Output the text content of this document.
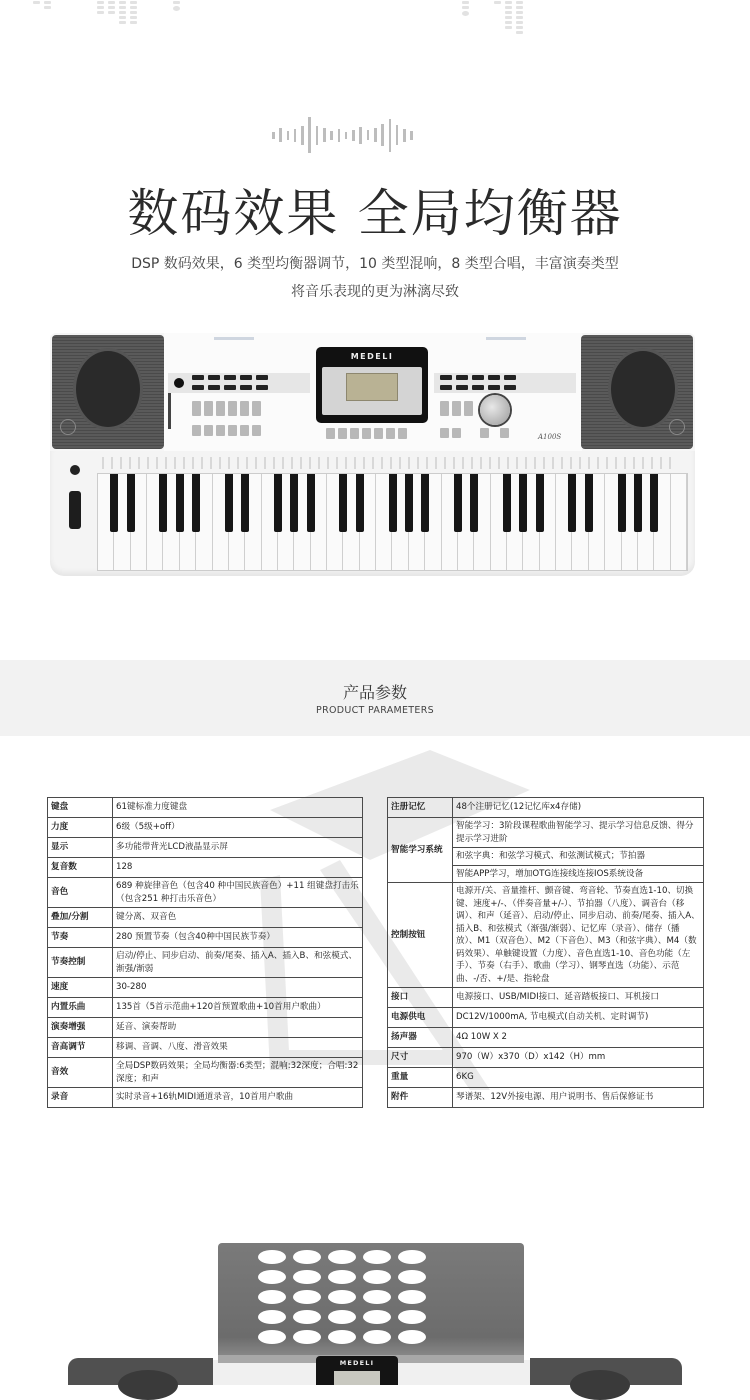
数码效果 全局均衡器

DSP 数码效果，6 类型均衡器调节，10 类型混响，8 类型合唱，丰富演奏类型

将音乐表现的更为淋漓尽致

MEDELI
A100S
产品参数
PRODUCT PARAMETERS
键盘	61键标准力度键盘
力度	6级（5级+off）
显示	多功能带背光LCD液晶显示屏
复音数	128
音色	689 种旋律音色（包含40 种中国民族音色）+11 组键盘打击乐（包含251 种打击乐音色）
叠加/分割	键分离、双音色
节奏	280 预置节奏（包含40种中国民族节奏）
节奏控制	启动/停止、同步启动、前奏/尾奏、插入A、插入B、和弦模式、渐强/渐弱
速度	30-280
内置乐曲	135首（5首示范曲+120首预置歌曲+10首用户歌曲）
演奏增强	延音、演奏帮助
音高调节	移调、音调、八度、滑音效果
音效	全局DSP数码效果；全局均衡器:6类型；混响:32深度；合唱:32深度；和声
录音	实时录音+16轨MIDI通道录音，10首用户歌曲
注册记忆	48个注册记忆(12记忆库x4存储)
智能学习系统	智能学习：3阶段课程歌曲智能学习、提示学习信息反馈、得分提示学习进阶
	和弦字典：和弦学习模式、和弦测试模式；节拍器
	智能APP学习，增加OTG连接线连接IOS系统设备
控制按钮	电源开/关、音量推杆、颤音键、弯音轮、节奏直选1-10、切换键、速度+/-、（伴奏音量+/-）、节拍器（八度）、调音台（移调）、和声（延音）、启动/停止、同步启动、前奏/尾奏、插入A、插入B、和弦模式（渐强/渐弱）、记忆库（录音）、储存（播放）、M1（双音色）、M2（下音色）、M3（和弦字典）、M4（数码效果）、单触键设置（力度）、音色直选1-10、音色功能（左手）、节奏（右手）、歌曲（学习）、钢琴直选（功能）、示范曲、-/否、+/是、指轮盘
接口	电源接口、USB/MIDI接口、延音踏板接口、耳机接口
电源供电	DC12V/1000mA, 节电模式(自动关机、定时调节)
扬声器	4Ω 10W X 2
尺寸	970（W）x370（D）x142（H）mm
重量	6KG
附件	琴谱架、12V外接电源、用户说明书、售后保修证书
MEDELI
